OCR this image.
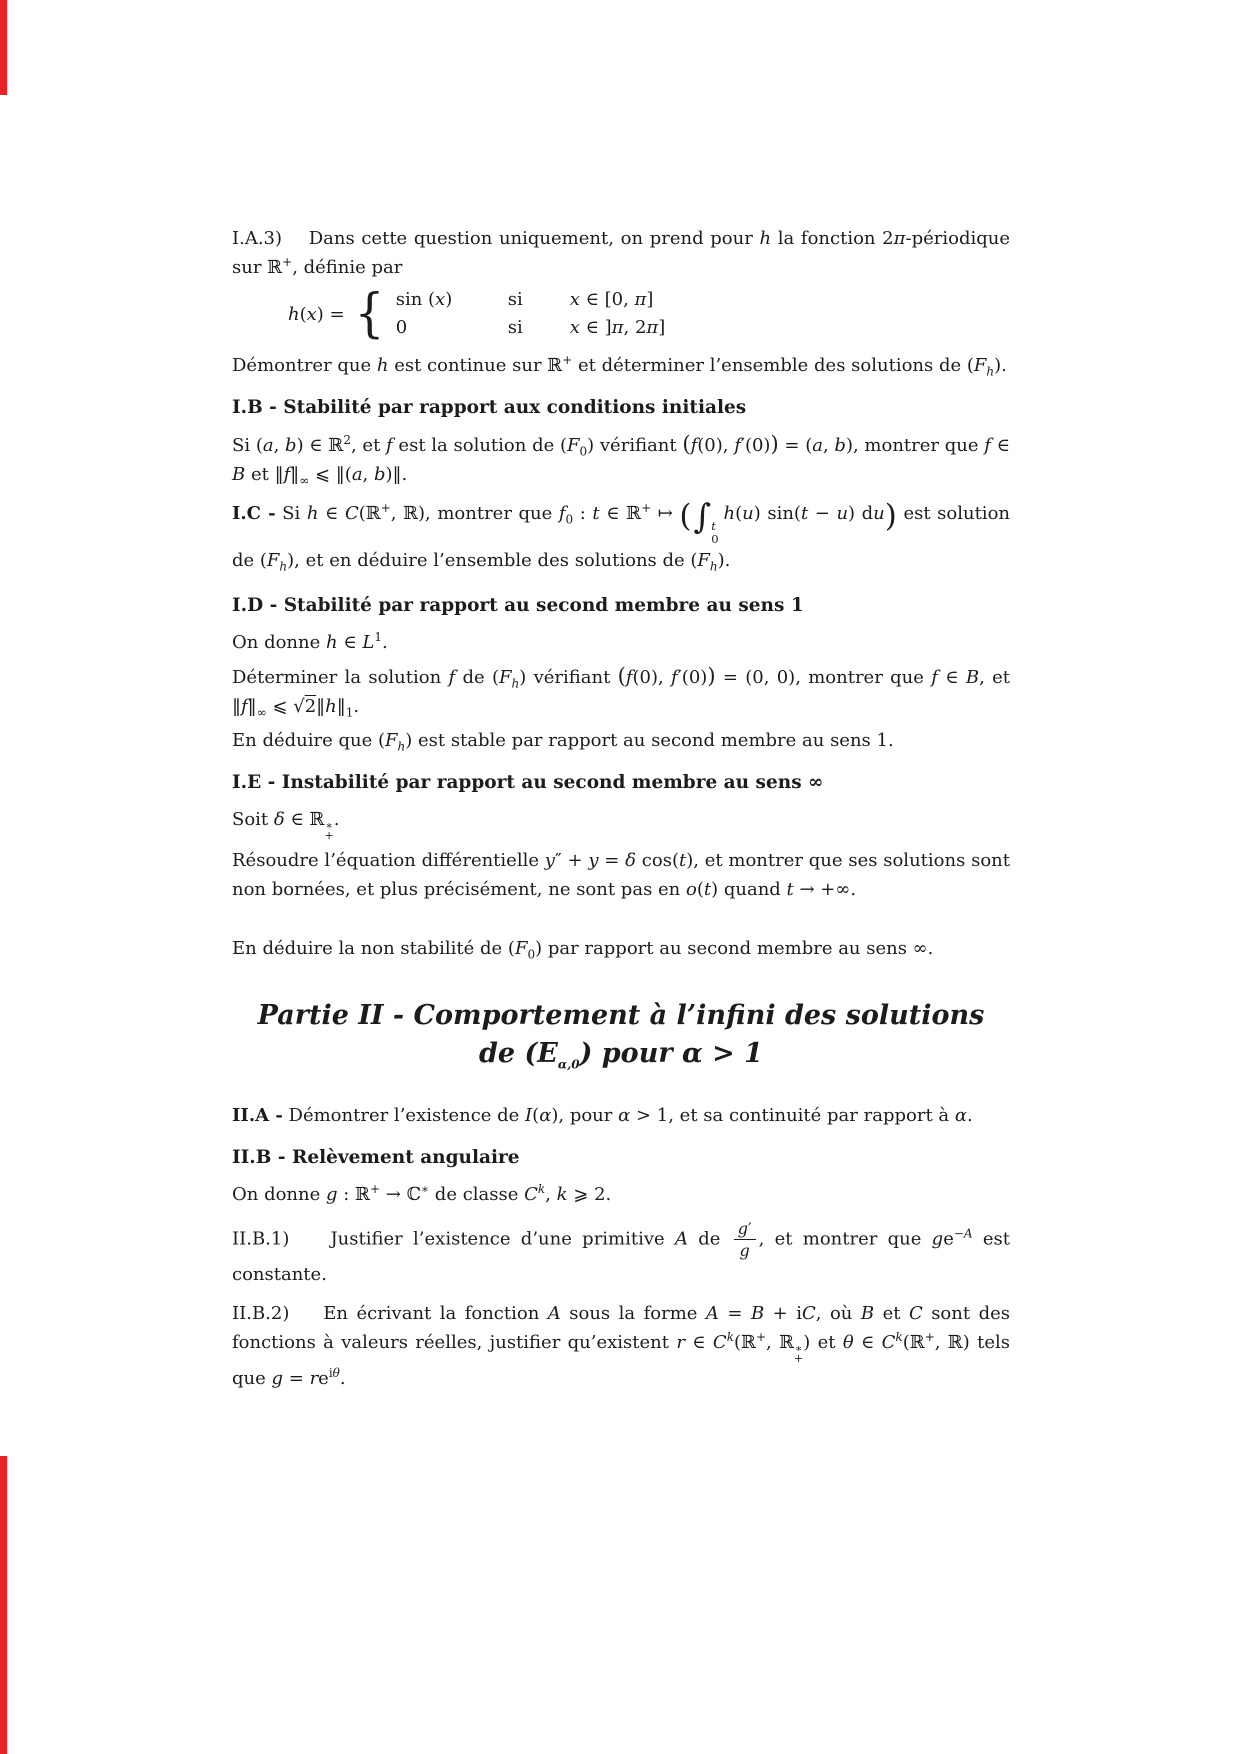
I.A.3)    Dans cette question uniquement, on prend pour h la fonction 2π-périodique sur ℝ+, définie par

h(x) = { sin (x)	si	x ∈ [0, π]
0	si	x ∈ ]π, 2π]

Démontrer que h est continue sur ℝ+ et déterminer l’ensemble des solutions de $(F_h)$.

I.B - Stabilité par rapport aux conditions initiales

Si (a, b) ∈ ℝ$^2$, et f est la solution de $(F_0)$ vérifiant (f(0), f′(0)) = (a, b), montrer que f ∈ B et $‖f‖_\infty$ ⩽ ‖(a, b)‖.

I.C - Si h ∈ C(ℝ+, ℝ), montrer que $f_0$ : t ∈ ℝ+ ↦ (∫ t
0
h(u) sin(t − u) du) est solution de $(F_h)$, et en déduire l’ensemble des solutions de $(F_h)$.

I.D - Stabilité par rapport au second membre au sens 1

On donne h ∈ $L^1$.

Déterminer la solution f de $(F_h)$ vérifiant (f(0), f′(0)) = (0, 0), montrer que f ∈ B, et $‖f‖_\infty$ ⩽ $√2‖h‖_1$.

En déduire que $(F_h)$ est stable par rapport au second membre au sens 1.

I.E - Instabilité par rapport au second membre au sens ∞

Soit δ ∈ ℝ ∗
+
.

Résoudre l’équation différentielle y″ + y = δ cos(t), et montrer que ses solutions sont non bornées, et plus précisément, ne sont pas en o(t) quand t → +∞.

En déduire la non stabilité de $(F_0)$ par rapport au second membre au sens ∞.

Partie II - Comportement à l’infini des solutions
de $(E_{\alpha,0})$ pour α > 1

II.A - Démontrer l’existence de I(α), pour α > 1, et sa continuité par rapport à α.

II.B - Relèvement angulaire

On donne g : ℝ+ → ℂ∗ de classe $C^k$, k ⩾ 2.

II.B.1)    Justifier l’existence d’une primitive A de $\frac{g'}{g}$ , et montrer que $ge^{-A}$ est constante.

II.B.2)    En écrivant la fonction A sous la forme A = B + iC, où B et C sont des fonctions à valeurs réelles, justifier qu’existent r ∈ $C^k(ℝ^+$, ℝ ∗
+
) et θ ∈ $C^k(ℝ^+$, ℝ) tels que $g = re^{i\theta}$.
